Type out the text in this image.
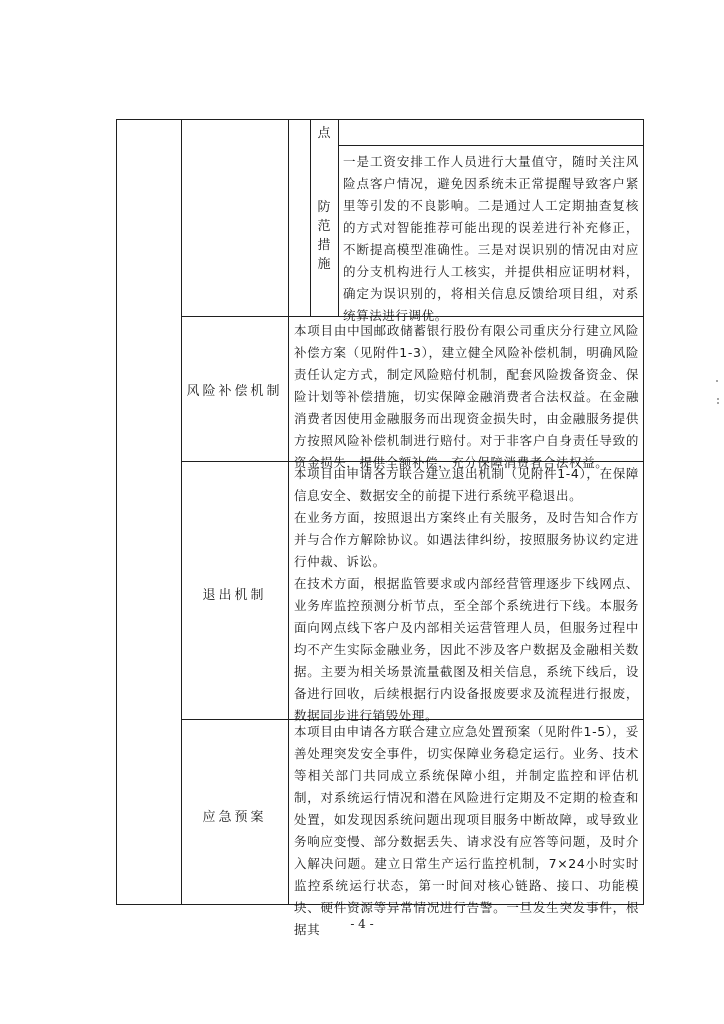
点
防范措施
一是工资安排工作人员进行大量值守，随时关注风险点客户情况，避免因系统未正常提醒导致客户紧里等引发的不良影响。二是通过人工定期抽查复核的方式对智能推荐可能出现的误差进行补充修正，不断提高模型准确性。三是对误识别的情况由对应的分支机构进行人工核实，并提供相应证明材料，确定为误识别的，将相关信息反馈给项目组，对系统算法进行调优。
风险补偿机制
本项目由中国邮政储蓄银行股份有限公司重庆分行建立风险补偿方案（见附件1-3），建立健全风险补偿机制，明确风险责任认定方式，制定风险赔付机制，配套风险拨备资金、保险计划等补偿措施，切实保障金融消费者合法权益。在金融消费者因使用金融服务而出现资金损失时，由金融服务提供方按照风险补偿机制进行赔付。对于非客户自身责任导致的资金损失，提供全额补偿，充分保障消费者合法权益。
退出机制

本项目由申请各方联合建立退出机制（见附件1-4），在保障信息安全、数据安全的前提下进行系统平稳退出。

在业务方面，按照退出方案终止有关服务，及时告知合作方并与合作方解除协议。如遇法律纠纷，按照服务协议约定进行仲裁、诉讼。

在技术方面，根据监管要求或内部经营管理逐步下线网点、业务库监控预测分析节点，至全部个系统进行下线。本服务面向网点线下客户及内部相关运营管理人员，但服务过程中均不产生实际金融业务，因此不涉及客户数据及金融相关数据。主要为相关场景流量截图及相关信息，系统下线后，设备进行回收，后续根据行内设备报废要求及流程进行报废，数据同步进行销毁处理。

应急预案
本项目由申请各方联合建立应急处置预案（见附件1-5），妥善处理突发安全事件，切实保障业务稳定运行。业务、技术等相关部门共同成立系统保障小组，并制定监控和评估机制，对系统运行情况和潜在风险进行定期及不定期的检查和处置，如发现因系统问题出现项目服务中断故障，或导致业务响应变慢、部分数据丢失、请求没有应答等问题，及时介入解决问题。建立日常生产运行监控机制，7×24小时实时监控系统运行状态，第一时间对核心链路、接口、功能模块、硬件资源等异常情况进行告警。一旦发生突发事件，根据其	- 4 -
